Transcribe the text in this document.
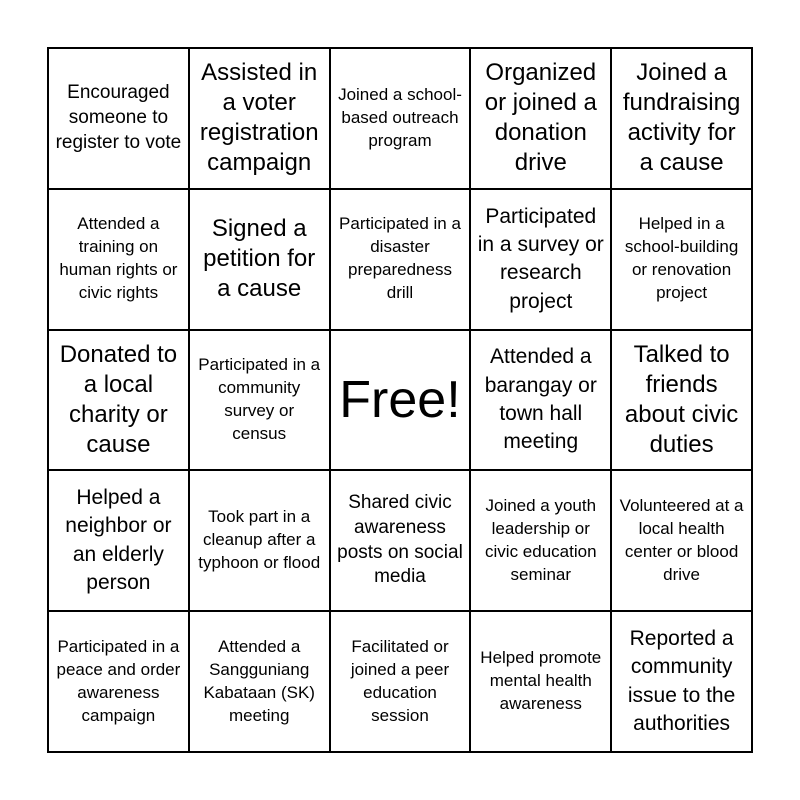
Encouraged someone to register to vote
Assisted in a voter registration campaign
Joined a school-based outreach program
Organized or joined a donation drive
Joined a fundraising activity for a cause
Attended a training on human rights or civic rights
Signed a petition for a cause
Participated in a disaster preparedness drill
Participated in a survey or research project
Helped in a school-building or renovation project
Donated to a local charity or cause
Participated in a community survey or census
Free!
Attended a barangay or town hall meeting
Talked to friends about civic duties
Helped a neighbor or an elderly person
Took part in a cleanup after a typhoon or flood
Shared civic awareness posts on social media
Joined a youth leadership or civic education seminar
Volunteered at a local health center or blood drive
Participated in a peace and order awareness campaign
Attended a Sangguniang Kabataan (SK) meeting
Facilitated or joined a peer education session
Helped promote mental health awareness
Reported a community issue to the authorities
